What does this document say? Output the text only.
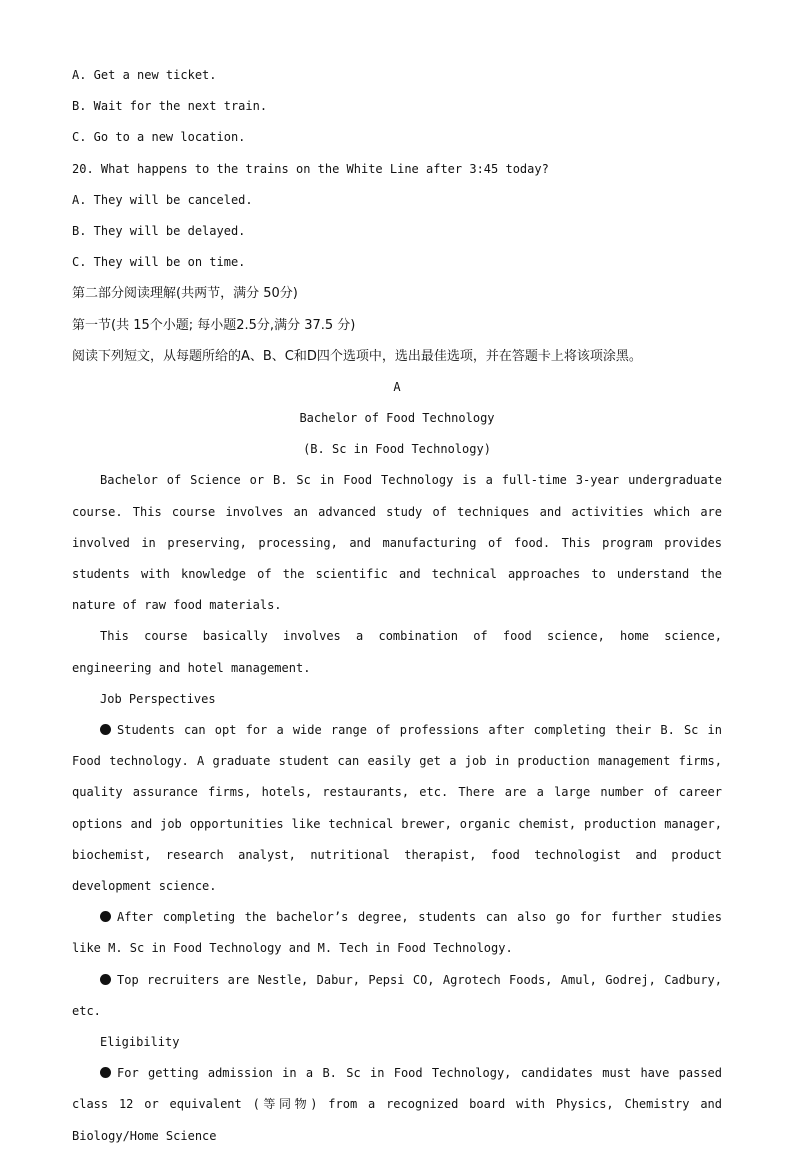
A. Get a new ticket.
B. Wait for the next train.
C. Go to a new location.
20. What happens to the trains on the White Line after 3:45 today?
A. They will be canceled.
B. They will be delayed.
C. They will be on time.
第二部分阅读理解(共两节，满分 50分)
第一节(共 15个小题; 每小题2.5分,满分 37.5 分)
阅读下列短文，从每题所给的A、B、C和D四个选项中，选出最佳选项，并在答题卡上将该项涂黑。
A
Bachelor of Food Technology
(B. Sc in Food Technology)

Bachelor of Science or B. Sc in Food Technology is a full-time 3-year undergraduate course. This course involves an advanced study of techniques and activities which are involved in preserving, processing, and manufacturing of food. This program provides students with knowledge of the scientific and technical approaches to understand the nature of raw food materials.

This course basically involves a combination of food science, home science, engineering and hotel management.

Job Perspectives

Students can opt for a wide range of professions after completing their B. Sc in Food technology. A graduate student can easily get a job in production management firms, quality assurance firms, hotels, restaurants, etc. There are a large number of career options and job opportunities like technical brewer, organic chemist, production manager, biochemist, research analyst, nutritional therapist, food technologist and product development science.

After completing the bachelor’s degree, students can also go for further studies like M. Sc in Food Technology and M. Tech in Food Technology.

Top recruiters are Nestle, Dabur, Pepsi CO, Agrotech Foods, Amul, Godrej, Cadbury, etc.

Eligibility

For getting admission in a B. Sc in Food Technology, candidates must have passed class 12 or equivalent (等同物) from a recognized board with Physics, Chemistry and Biology/Home Science
